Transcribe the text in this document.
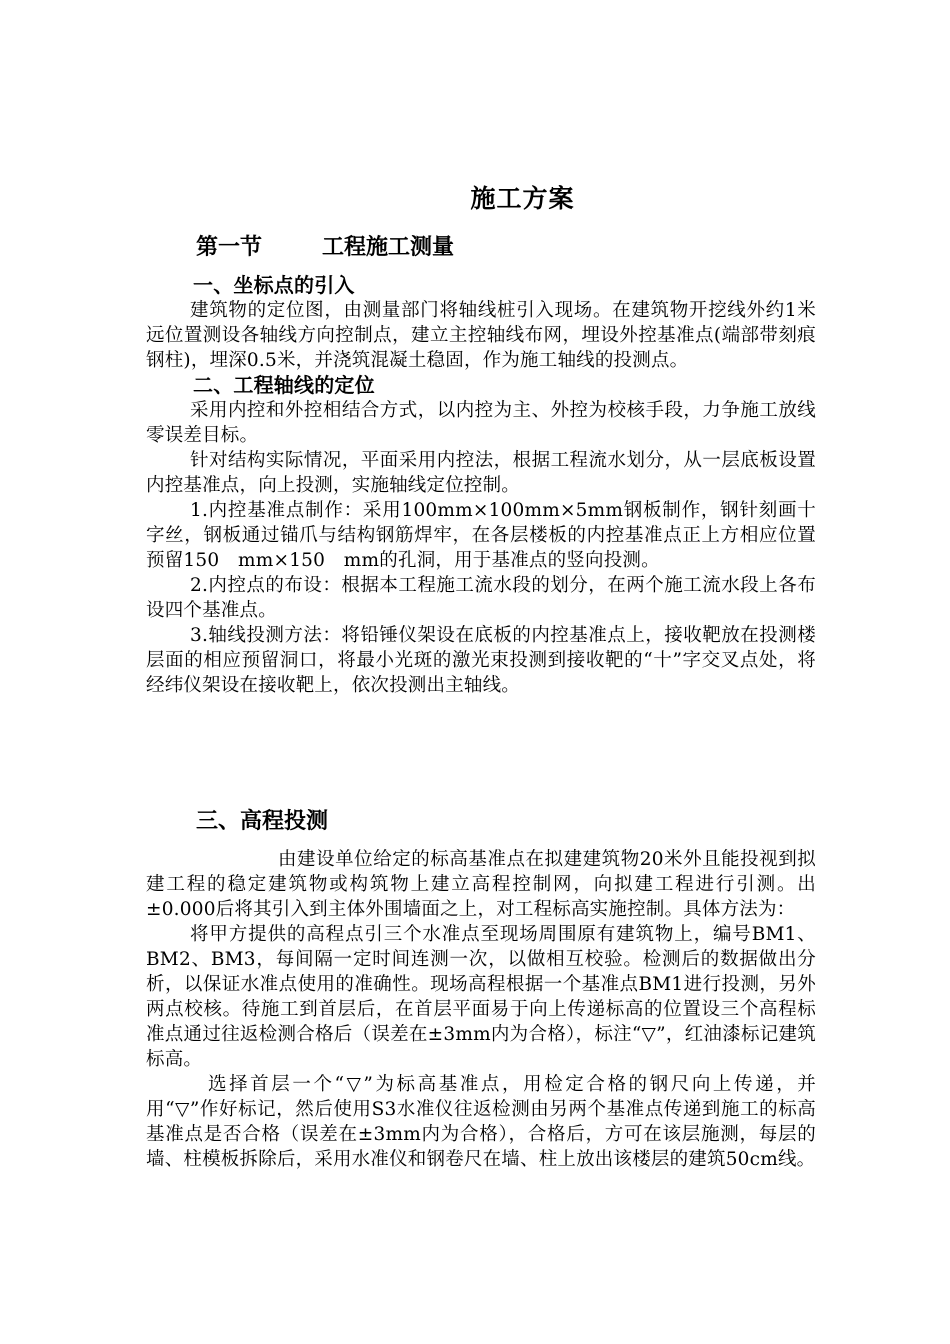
施工方案
第一节	工程施工测量
一、坐标点的引入

建筑物的定位图，由测量部门将轴线桩引入现场。在建筑物开挖线外约1米远位置测设各轴线方向控制点，建立主控轴线布网，埋设外控基准点(端部带刻痕钢柱)，埋深0.5米，并浇筑混凝土稳固，作为施工轴线的投测点。

二、工程轴线的定位

采用内控和外控相结合方式，以内控为主、外控为校核手段，力争施工放线零误差目标。

针对结构实际情况，平面采用内控法，根据工程流水划分，从一层底板设置内控基准点，向上投测，实施轴线定位控制。

1.内控基准点制作：采用100mm×100mm×5mm钢板制作，钢针刻画十字丝，钢板通过锚爪与结构钢筋焊牢，在各层楼板的内控基准点正上方相应位置预留150　mm×150　mm的孔洞，用于基准点的竖向投测。

2.内控点的布设：根据本工程施工流水段的划分，在两个施工流水段上各布设四个基准点。

3.轴线投测方法：将铅锤仪架设在底板的内控基准点上，接收靶放在投测楼层面的相应预留洞口，将最小光斑的激光束投测到接收靶的“十”字交叉点处，将经纬仪架设在接收靶上，依次投测出主轴线。

三、高程投测

由建设单位给定的标高基准点在拟建建筑物20米外且能投视到拟建工程的稳定建筑物或构筑物上建立高程控制网，向拟建工程进行引测。出±0.000后将其引入到主体外围墙面之上，对工程标高实施控制。具体方法为：

将甲方提供的高程点引三个水准点至现场周围原有建筑物上，编号BM1、BM2、BM3，每间隔一定时间连测一次，以做相互校验。检测后的数据做出分析，以保证水准点使用的准确性。现场高程根据一个基准点BM1进行投测，另外两点校核。待施工到首层后，在首层平面易于向上传递标高的位置设三个高程标准点通过往返检测合格后（误差在±3mm内为合格），标注“▽”，红油漆标记建筑标高。

选择首层一个“▽”为标高基准点，用检定合格的钢尺向上传递，并用“▽”作好标记，然后使用S3水准仪往返检测由另两个基准点传递到施工的标高基准点是否合格（误差在±3mm内为合格），合格后，方可在该层施测，每层的墙、柱模板拆除后，采用水准仪和钢卷尺在墙、柱上放出该楼层的建筑50cm线。
